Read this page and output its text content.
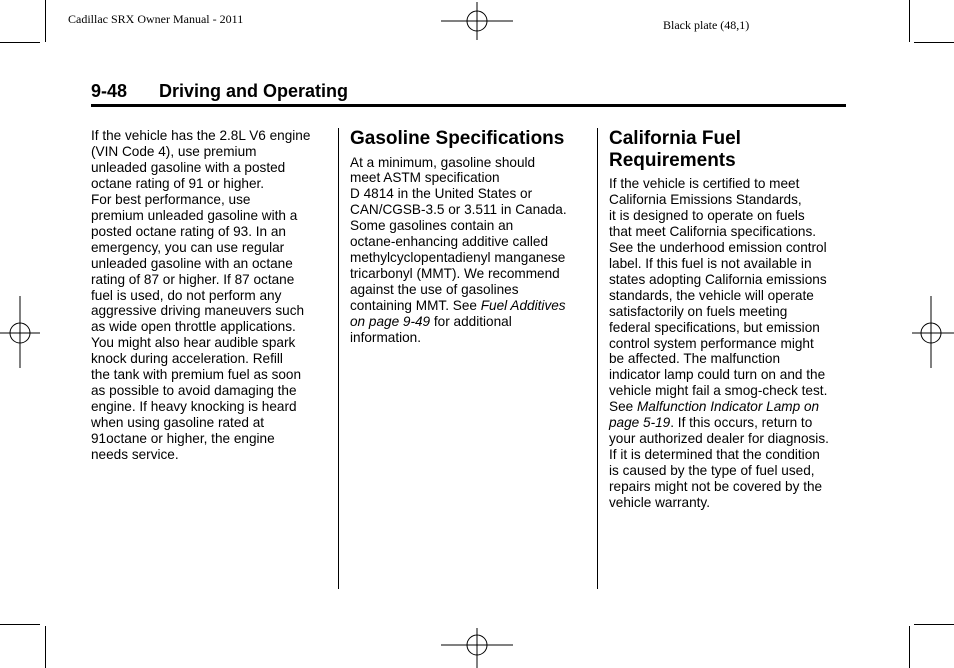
Cadillac SRX Owner Manual - 2011	Black plate (48,1)
9-48 Driving and Operating

If the vehicle has the 2.8L V6 engine

(VIN Code 4), use premium

unleaded gasoline with a posted

octane rating of 91 or higher.

For best performance, use

premium unleaded gasoline with a

posted octane rating of 93. In an

emergency, you can use regular

unleaded gasoline with an octane

rating of 87 or higher. If 87 octane

fuel is used, do not perform any

aggressive driving maneuvers such

as wide open throttle applications.

You might also hear audible spark

knock during acceleration. Refill

the tank with premium fuel as soon

as possible to avoid damaging the

engine. If heavy knocking is heard

when using gasoline rated at

91octane or higher, the engine

needs service.

Gasoline Specifications

At a minimum, gasoline should

meet ASTM specification

D 4814 in the United States or

CAN/CGSB-3.5 or 3.511 in Canada.

Some gasolines contain an

octane-enhancing additive called

methylcyclopentadienyl manganese

tricarbonyl (MMT). We recommend

against the use of gasolines

containing MMT. See Fuel Additives

on page 9-49 for additional

information.

California Fuel
Requirements

If the vehicle is certified to meet

California Emissions Standards,

it is designed to operate on fuels

that meet California specifications.

See the underhood emission control

label. If this fuel is not available in

states adopting California emissions

standards, the vehicle will operate

satisfactorily on fuels meeting

federal specifications, but emission

control system performance might

be affected. The malfunction

indicator lamp could turn on and the

vehicle might fail a smog-check test.

See Malfunction Indicator Lamp on

page 5-19. If this occurs, return to

your authorized dealer for diagnosis.

If it is determined that the condition

is caused by the type of fuel used,

repairs might not be covered by the

vehicle warranty.
